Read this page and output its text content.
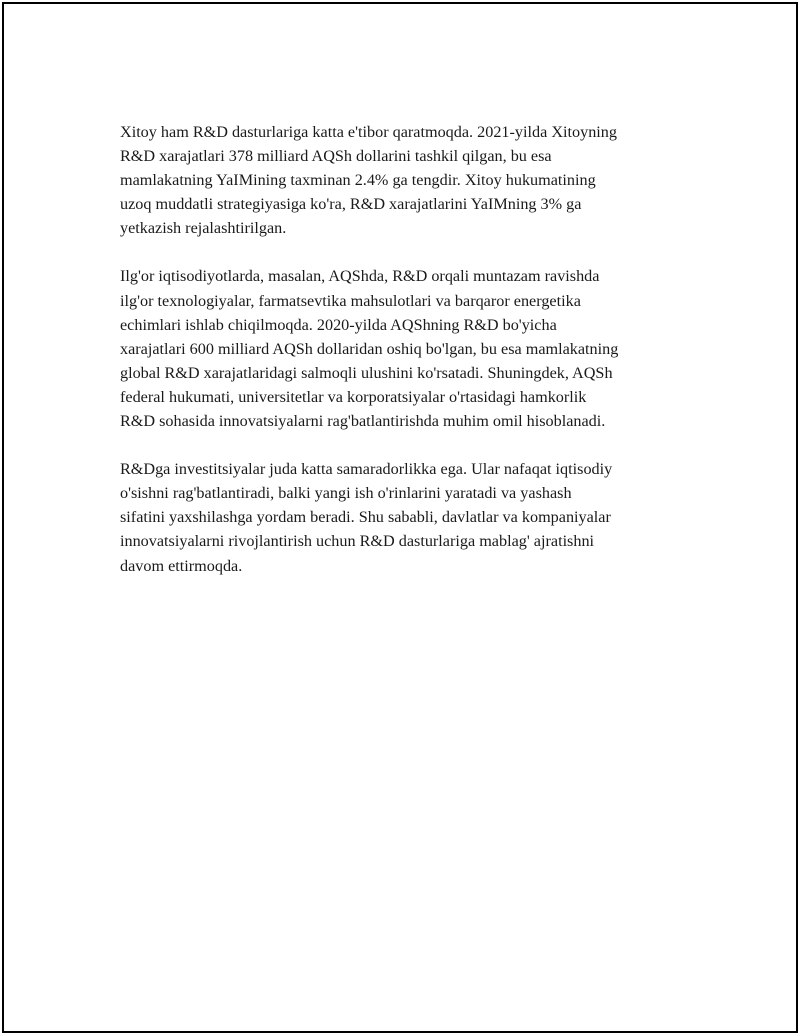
Xitoy ham R&D dasturlariga katta e'tibor qaratmoqda. 2021-yilda Xitoyning
R&D xarajatlari 378 milliard AQSh dollarini tashkil qilgan, bu esa
mamlakatning YaIMining taxminan 2.4% ga tengdir. Xitoy hukumatining
uzoq muddatli strategiyasiga ko'ra, R&D xarajatlarini YaIMning 3% ga
yetkazish rejalashtirilgan.

Ilg'or iqtisodiyotlarda, masalan, AQShda, R&D orqali muntazam ravishda
ilg'or texnologiyalar, farmatsevtika mahsulotlari va barqaror energetika
echimlari ishlab chiqilmoqda. 2020-yilda AQShning R&D bo'yicha
xarajatlari 600 milliard AQSh dollaridan oshiq bo'lgan, bu esa mamlakatning
global R&D xarajatlaridagi salmoqli ulushini ko'rsatadi. Shuningdek, AQSh
federal hukumati, universitetlar va korporatsiyalar o'rtasidagi hamkorlik
R&D sohasida innovatsiyalarni rag'batlantirishda muhim omil hisoblanadi.

R&Dga investitsiyalar juda katta samaradorlikka ega. Ular nafaqat iqtisodiy
o'sishni rag'batlantiradi, balki yangi ish o'rinlarini yaratadi va yashash
sifatini yaxshilashga yordam beradi. Shu sababli, davlatlar va kompaniyalar
innovatsiyalarni rivojlantirish uchun R&D dasturlariga mablag' ajratishni
davom ettirmoqda.
